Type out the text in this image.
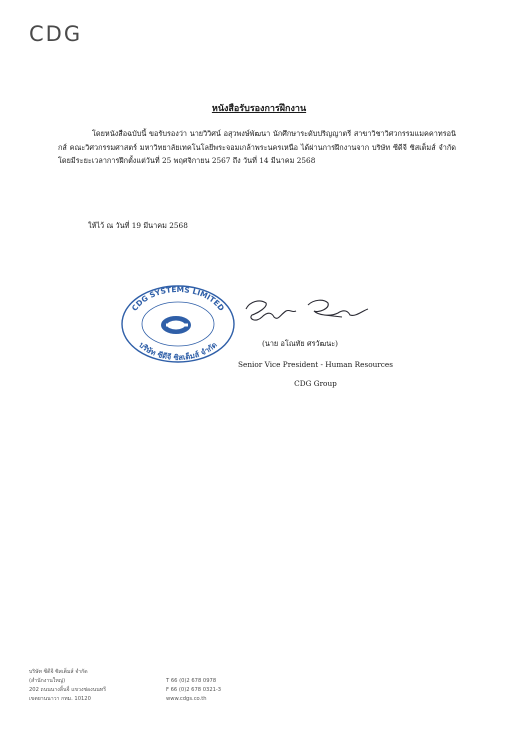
CDG
หนังสือรับรองการฝึกงาน

โดยหนังสือฉบับนี้ ขอรับรองว่า นายวิวิศน์ อสุวพงษ์พัฒนา นักศึกษาระดับปริญญาตรี สาขาวิชาวิศวกรรมแมคคาทรอนิกส์ คณะวิศวกรรมศาสตร์ มหาวิทยาลัยเทคโนโลยีพระจอมเกล้าพระนครเหนือ ได้ผ่านการฝึกงานจาก บริษัท ซีดีจี ซิสเต็มส์ จำกัด โดยมีระยะเวลาการฝึกตั้งแต่วันที่ 25 พฤศจิกายน 2567 ถึง วันที่ 14 มีนาคม 2568

ให้ไว้ ณ วันที่ 19 มีนาคม 2568
CDG SYSTEMS LIMITED
บริษัท ซีดีจี ซิสเต็มส์ จำกัด	(นาย อโณทัย ศรวัฒนะ)
Senior Vice President - Human Resources
CDG Group
บริษัท ซีดีจี ซิสเต็มส์ จำกัด
(สำนักงานใหญ่)
202 ถนนนางลิ้นจี่ แขวงช่องนนทรี
เขตยานนาวา กทม. 10120
T 66 (0)2 678 0978
F 66 (0)2 678 0321-3
www.cdgs.co.th
